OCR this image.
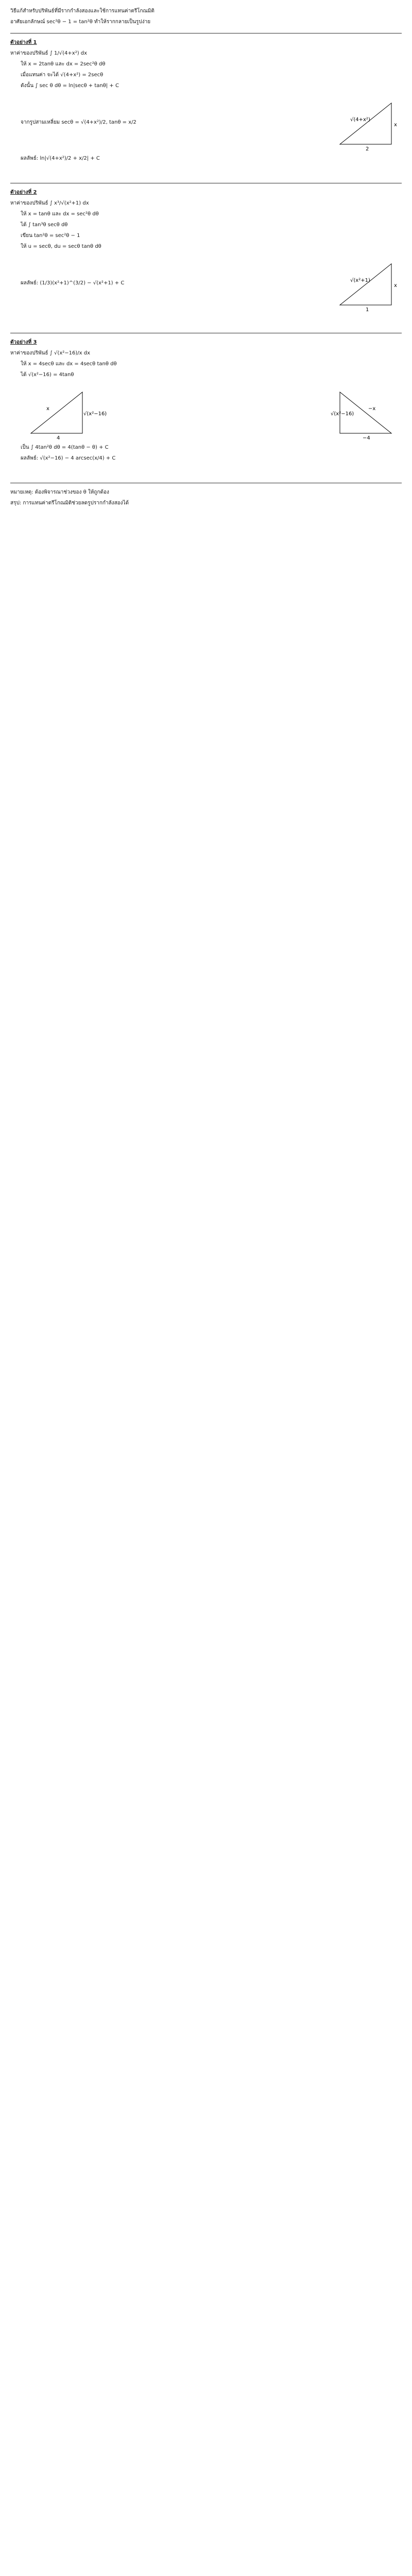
วิธีแก้สำหรับปริพันธ์ที่มีรากกำลังสองและใช้การแทนค่าตรีโกณมิติ

อาศัยเอกลักษณ์ sec²θ − 1 = tan²θ ทำให้รากกลายเป็นรูปง่าย

ตัวอย่างที่ 1

หาค่าของปริพันธ์ ∫ 1/√(4+x²) dx

ให้ x = 2tanθ และ dx = 2sec²θ dθ

เมื่อแทนค่า จะได้ √(4+x²) = 2secθ

ดังนั้น ∫ sec θ dθ = ln|secθ + tanθ| + C

จากรูปสามเหลี่ยม secθ = √(4+x²)/2, tanθ = x/2	x
2
√(4+x²)

ผลลัพธ์: ln|√(4+x²)/2 + x/2| + C

ตัวอย่างที่ 2

หาค่าของปริพันธ์ ∫ x³/√(x²+1) dx

ให้ x = tanθ และ dx = sec²θ dθ

ได้ ∫ tan³θ secθ dθ

เขียน tan²θ = sec²θ − 1

ให้ u = secθ, du = secθ tanθ dθ

ผลลัพธ์: (1/3)(x²+1)^(3/2) − √(x²+1) + C	x
1
√(x²+1)
ตัวอย่างที่ 3

หาค่าของปริพันธ์ ∫ √(x²−16)/x dx

ให้ x = 4secθ และ dx = 4secθ tanθ dθ

ได้ √(x²−16) = 4tanθ

√(x²−16)
4
x
√(x²−16)
−4
−x

เป็น ∫ 4tan²θ dθ = 4(tanθ − θ) + C

ผลลัพธ์: √(x²−16) − 4 arcsec(x/4) + C

หมายเหตุ: ต้องพิจารณาช่วงของ θ ให้ถูกต้อง

สรุป: การแทนค่าตรีโกณมิติช่วยลดรูปรากกำลังสองได้
